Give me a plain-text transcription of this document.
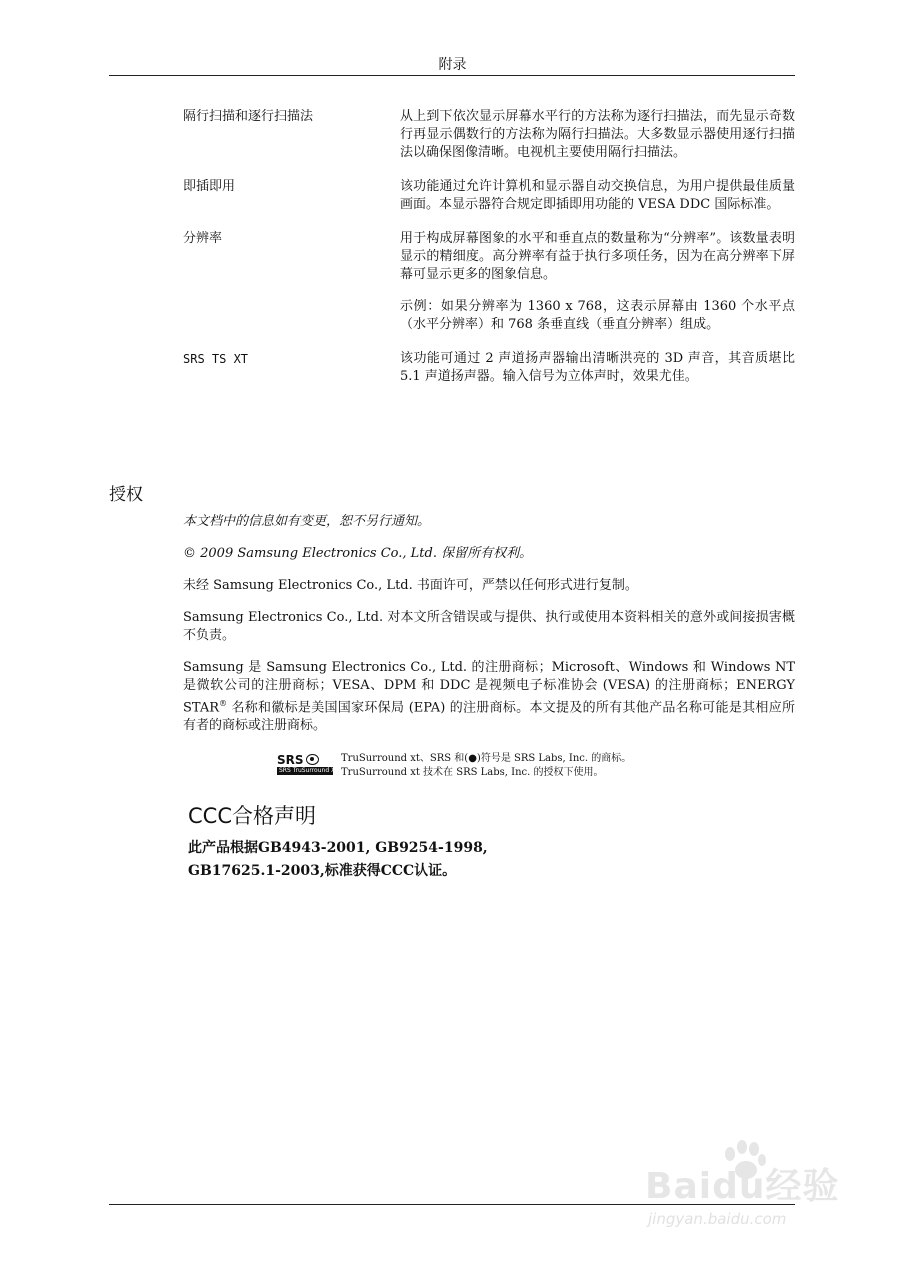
附录
隔行扫描和逐行扫描法	从上到下依次显示屏幕水平行的方法称为逐行扫描法，而先显示奇数行再显示偶数行的方法称为隔行扫描法。大多数显示器使用逐行扫描法以确保图像清晰。电视机主要使用隔行扫描法。

即插即用	该功能通过允许计算机和显示器自动交换信息，为用户提供最佳质量画面。本显示器符合规定即插即用功能的 VESA DDC 国际标准。

分辨率	用于构成屏幕图象的水平和垂直点的数量称为“分辨率”。该数量表明显示的精细度。高分辨率有益于执行多项任务，因为在高分辨率下屏幕可显示更多的图象信息。

示例：如果分辨率为 1360 x 768，这表示屏幕由 1360 个水平点（水平分辨率）和 768 条垂直线（垂直分辨率）组成。

SRS TS XT	该功能可通过 2 声道扬声器输出清晰洪亮的 3D 声音，其音质堪比 5.1 声道扬声器。输入信号为立体声时，效果尤佳。

授权

本文档中的信息如有变更，恕不另行通知。

© 2009 Samsung Electronics Co., Ltd. 保留所有权利。

未经 Samsung Electronics Co., Ltd. 书面许可，严禁以任何形式进行复制。

Samsung Electronics Co., Ltd. 对本文所含错误或与提供、执行或使用本资料相关的意外或间接损害概不负责。

Samsung 是 Samsung Electronics Co., Ltd. 的注册商标；Microsoft、Windows 和 Windows NT 是微软公司的注册商标；VESA、DPM 和 DDC 是视频电子标准协会 (VESA) 的注册商标；ENERGY STAR® 名称和徽标是美国国家环保局 (EPA) 的注册商标。本文提及的所有其他产品名称可能是其相应所有者的商标或注册商标。

SRS
SRS TruSurround XT
TruSurround xt、SRS 和(●)符号是 SRS Labs, Inc. 的商标。
TruSurround xt 技术在 SRS Labs, Inc. 的授权下使用。
CCC合格声明
此产品根据GB4943-2001, GB9254-1998,
GB17625.1-2003,标准获得CCC认证。
Baidu经验
jingyan.baidu.com
